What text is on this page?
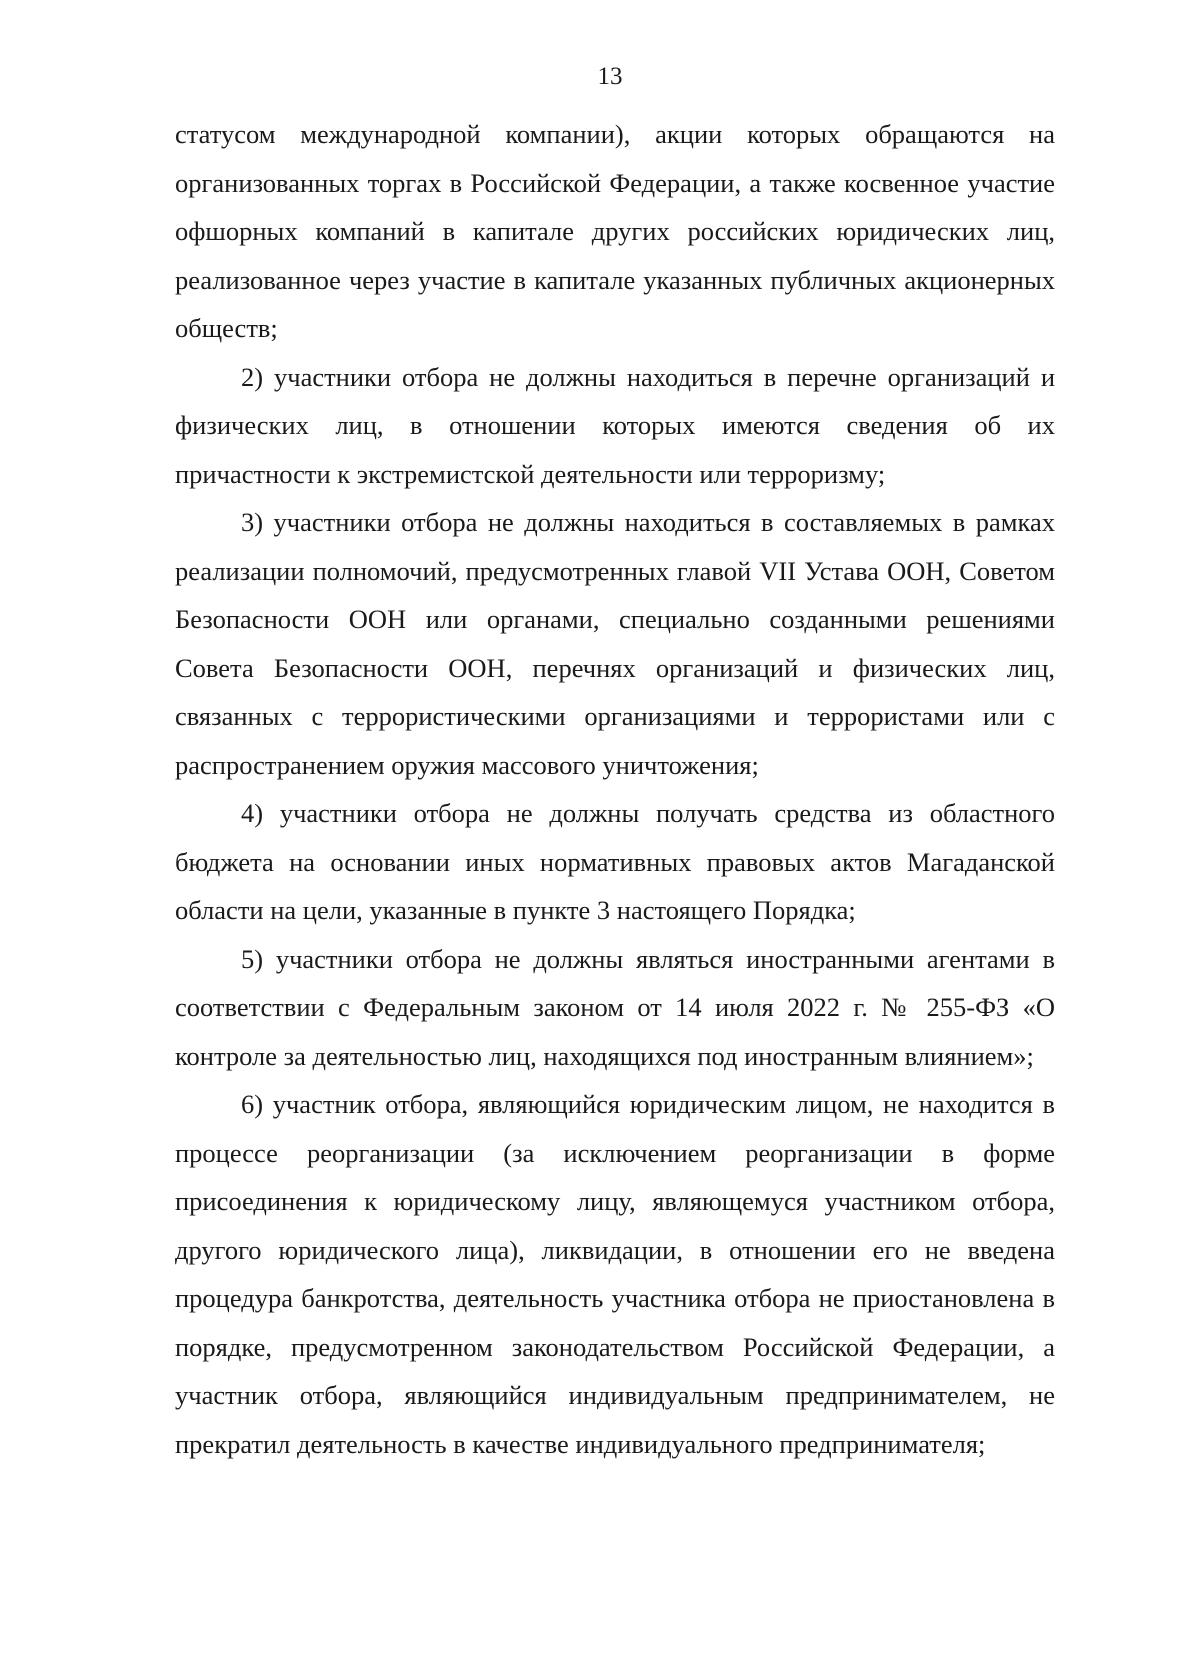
13

статусом международной компании), акции которых обращаются на организованных торгах в Российской Федерации, а также косвенное участие офшорных компаний в капитале других российских юридических лиц, реализованное через участие в капитале указанных публичных акционерных обществ;

2) участники отбора не должны находиться в перечне организаций и физических лиц, в отношении которых имеются сведения об их причастности к экстремистской деятельности или терроризму;

3) участники отбора не должны находиться в составляемых в рамках реализации полномочий, предусмотренных главой VII Устава ООН, Советом Безопасности ООН или органами, специально созданными решениями Совета Безопасности ООН, перечнях организаций и физических лиц, связанных с террористическими организациями и террористами или с распространением оружия массового уничтожения;

4) участники отбора не должны получать средства из областного бюджета на основании иных нормативных правовых актов Магаданской области на цели, указанные в пункте 3 настоящего Порядка;

5) участники отбора не должны являться иностранными агентами в соответствии с Федеральным законом от 14 июля 2022 г. № 255-ФЗ «О контроле за деятельностью лиц, находящихся под иностранным влиянием»;

6) участник отбора, являющийся юридическим лицом, не находится в процессе реорганизации (за исключением реорганизации в форме присоединения к юридическому лицу, являющемуся участником отбора, другого юридического лица), ликвидации, в отношении его не введена процедура банкротства, деятельность участника отбора не приостановлена в порядке, предусмотренном законодательством Российской Федерации, а участник отбора, являющийся индивидуальным предпринимателем, не прекратил деятельность в качестве индивидуального предпринимателя;
